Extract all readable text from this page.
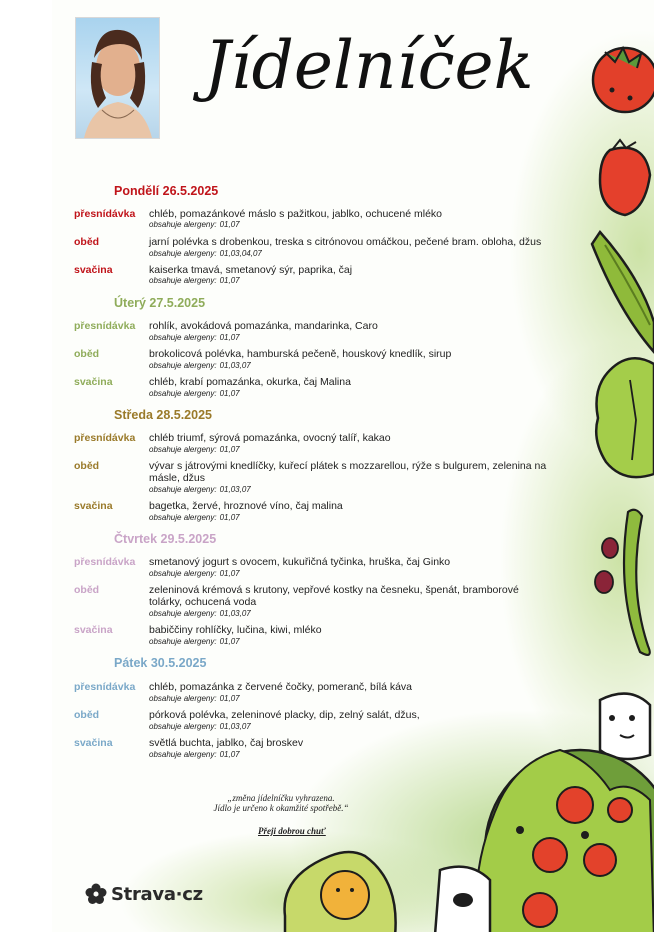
Jídelníček
Pondělí 26.5.2025
přesnídávka chléb, pomazánkové máslo s pažitkou, jablko, ochucené mléko
obsahuje alergeny: 01,07
oběd	jarní polévka s drobenkou, treska s citrónovou omáčkou, pečené bram. obloha, džus
obsahuje alergeny: 01,03,04,07
svačina	kaiserka tmavá, smetanový sýr, paprika, čaj
obsahuje alergeny: 01,07
Úterý 27.5.2025
přesnídávka rohlík, avokádová pomazánka, mandarinka, Caro
obsahuje alergeny: 01,07
oběd	brokolicová polévka, hamburská pečeně, houskový knedlík, sirup
obsahuje alergeny: 01,03,07
svačina	chléb, krabí pomazánka, okurka, čaj Malina
obsahuje alergeny: 01,07
Středa 28.5.2025
přesnídávka chléb triumf, sýrová pomazánka, ovocný talíř, kakao
obsahuje alergeny: 01,07
oběd	vývar s játrovými knedlíčky, kuřecí plátek s mozzarellou, rýže s bulgurem, zelenina na másle, džus
obsahuje alergeny: 01,03,07
svačina	bagetka, žervé, hroznové víno, čaj malina
obsahuje alergeny: 01,07
Čtvrtek 29.5.2025
přesnídávka smetanový jogurt s ovocem, kukuřičná tyčinka, hruška, čaj Ginko
obsahuje alergeny: 01,07
oběd	zeleninová krémová s krutony, vepřové kostky na česneku, špenát, bramborové tolárky, ochucená voda
obsahuje alergeny: 01,03,07
svačina	babiččiny rohlíčky, lučina, kiwi, mléko
obsahuje alergeny: 01,07
Pátek 30.5.2025
přesnídávka chléb, pomazánka z červené čočky, pomeranč, bílá káva
obsahuje alergeny: 01,07
oběd	pórková polévka, zeleninové placky, dip, zelný salát, džus,
obsahuje alergeny: 01,03,07
svačina	světlá buchta, jablko, čaj broskev
obsahuje alergeny: 01,07
„změna jídelníčku vyhrazena.
Jídlo je určeno k okamžité spotřebě.“
Přeji dobrou chuť
Strava·cz
